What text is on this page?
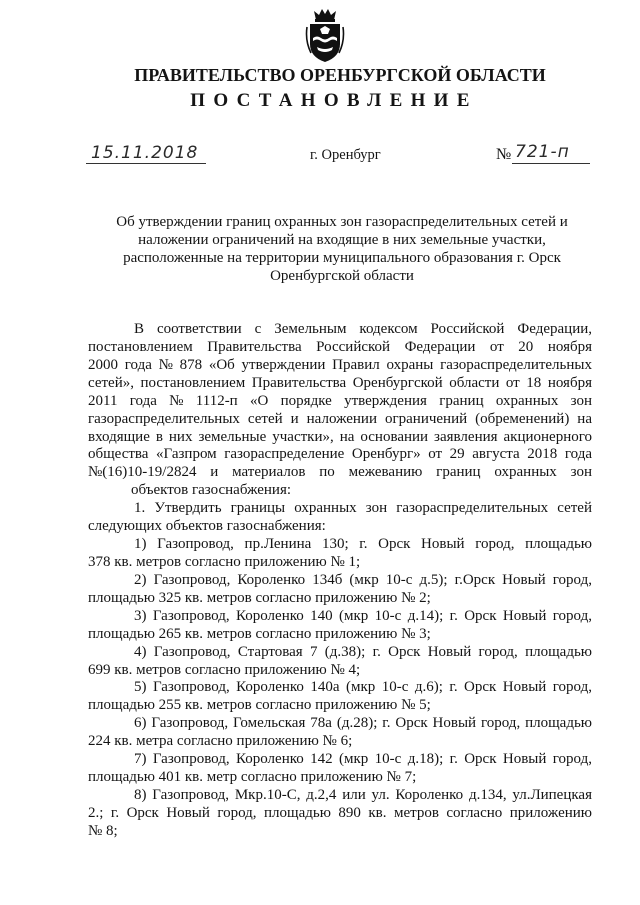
ПРАВИТЕЛЬСТВО ОРЕНБУРГСКОЙ ОБЛАСТИ
ПОСТАНОВЛЕНИЕ
15.11.2018	г. Оренбург	№ 721-п
Об утверждении границ охранных зон газораспределительных сетей и
наложении ограничений на входящие в них земельные участки,
расположенные на территории муниципального образования г. Орск
Оренбургской области
В соответствии с Земельным кодексом Российской Федерации,
постановлением Правительства Российской Федерации от 20 ноября
2000 года № 878 «Об утверждении Правил охраны газораспределительных
сетей», постановлением Правительства Оренбургской области от 18 ноября
2011 года № 1112-п «О порядке утверждения границ охранных зон
газораспределительных сетей и наложении ограничений (обременений) на
входящие в них земельные участки», на основании заявления акционерного
общества «Газпром газораспределение Оренбург» от 29 августа 2018 года
№(16)10-19/2824 и материалов по межеванию границ охранных зон
объектов газоснабжения:
1. Утвердить границы охранных зон газораспределительных сетей
следующих объектов газоснабжения:
1) Газопровод, пр.Ленина 130; г. Орск Новый город, площадью
378 кв. метров согласно приложению № 1;
2) Газопровод, Короленко 134б (мкр 10-с д.5); г.Орск Новый город,
площадью 325 кв. метров согласно приложению № 2;
3) Газопровод, Короленко 140 (мкр 10-с д.14); г. Орск Новый город,
площадью 265 кв. метров согласно приложению № 3;
4) Газопровод, Стартовая 7 (д.38); г. Орск Новый город, площадью
699 кв. метров согласно приложению № 4;
5) Газопровод, Короленко 140а (мкр 10-с д.6); г. Орск Новый город,
площадью 255 кв. метров согласно приложению № 5;
6) Газопровод, Гомельская 78а (д.28); г. Орск Новый город, площадью
224 кв. метра согласно приложению № 6;
7) Газопровод, Короленко 142 (мкр 10-с д.18); г. Орск Новый город,
площадью 401 кв. метр согласно приложению № 7;
8) Газопровод, Мкр.10-С, д.2,4 или ул. Короленко д.134, ул.Липецкая
2.; г. Орск Новый город, площадью 890 кв. метров согласно приложению
№ 8;
